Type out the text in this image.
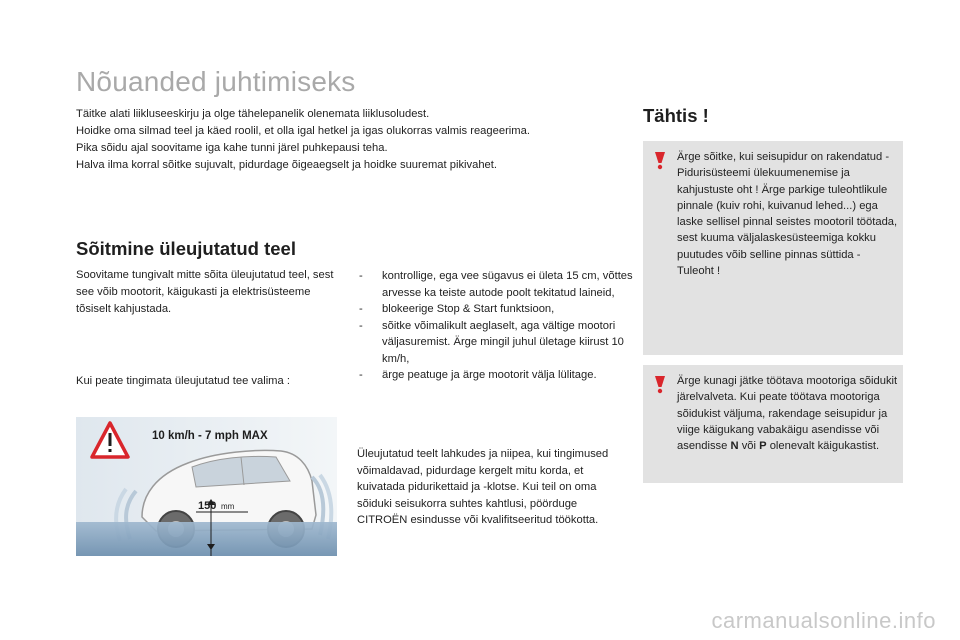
Nõuanded juhtimiseks
Täitke alati liikluseeskirju ja olge tähelepanelik olenemata liiklusoludest.
Hoidke oma silmad teel ja käed roolil, et olla igal hetkel ja igas olukorras valmis reageerima.
Pika sõidu ajal soovitame iga kahe tunni järel puhkepausi teha.
Halva ilma korral sõitke sujuvalt, pidurdage õigeaegselt ja hoidke suuremat pikivahet.
Sõitmine üleujutatud teel
Soovitame tungivalt mitte sõita üleujutatud teel, sest see võib mootorit, käigukasti ja elektrisüsteeme tõsiselt kahjustada.
Kui peate tingimata üleujutatud tee valima :
- kontrollige, ega vee sügavus ei ületa 15 cm, võttes arvesse ka teiste autode poolt tekitatud laineid,
- blokeerige Stop & Start funktsioon,
- sõitke võimalikult aeglaselt, aga vältige mootori väljasuremist. Ärge mingil juhul ületage kiirust 10 km/h,
- ärge peatuge ja ärge mootorit välja lülitage.
Üleujutatud teelt lahkudes ja niipea, kui tingimused võimaldavad, pidurdage kergelt mitu korda, et kuivatada pidurikettaid ja -klotse. Kui teil on oma sõiduki seisukorra suhtes kahtlusi, pöörduge CITROËN esindusse või kvalifitseeritud töökotta.
150 mm
10 km/h - 7 mph MAX
Tähtis !
Ärge sõitke, kui seisupidur on rakendatud - Pidurisüsteemi ülekuumenemise ja kahjustuste oht ! Ärge parkige tuleohtlikule pinnale (kuiv rohi, kuivanud lehed...) ega laske sellisel pinnal seistes mootoril töötada, sest kuuma väljalaskesüsteemiga kokku puutudes võib selline pinnas süttida - Tuleoht !
Ärge kunagi jätke töötava mootoriga sõidukit järelvalveta. Kui peate töötava mootoriga sõidukist väljuma, rakendage seisupidur ja viige käigukang vabakäigu asendisse või asendisse N või P olenevalt käigukastist.
carmanualsonline.info
